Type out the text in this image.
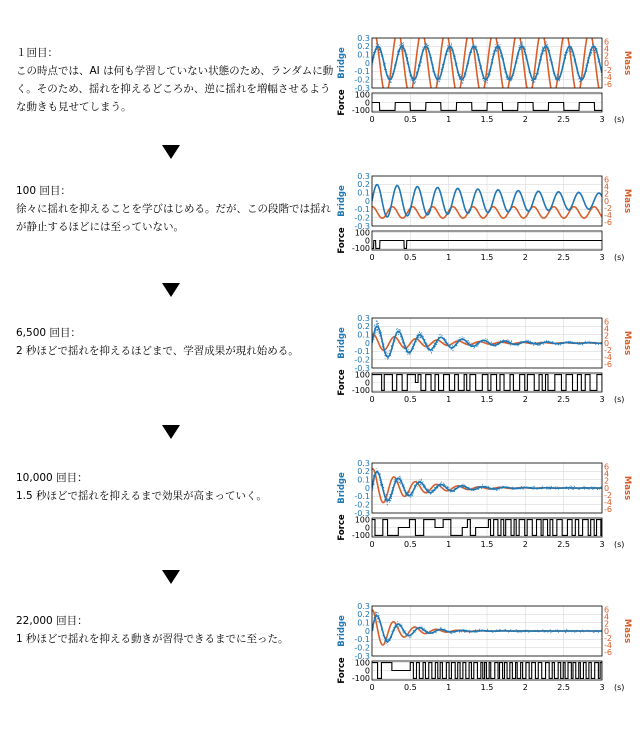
１回目：
この時点では、AI は何も学習していない状態のため、ランダムに動く。そのため、揺れを抑えるどころか、逆に揺れを増幅させるような動きも見せてしまう。
0.3
0.2
0.1
0
-0.1
-0.2
-0.3
6
4
2
0
-2
-4
-6
100
0
-100
0	0.5	1	1.5	2	2.5	3 (s)
Bridge	Mass
Force
100 回目：
徐々に揺れを抑えることを学びはじめる。だが、この段階では揺れが静止するほどには至っていない。
0.3
0.2
0.1
0
-0.1
-0.2
-0.3
6
4
2
0
-2
-4
-6
100
0
-100
0	0.5	1	1.5	2	2.5	3 (s)
Bridge	Mass
Force
6,500 回目：
2 秒ほどで揺れを抑えるほどまで、学習成果が現れ始める。
0.3
0.2
0.1
0
-0.1
-0.2
-0.3
6
4
2
0
-2
-4
-6
100
0
-100
0	0.5	1	1.5	2	2.5	3 (s)
Bridge	Mass
Force
10,000 回目：
1.5 秒ほどで揺れを抑えるまで効果が高まっていく。
0.3
0.2
0.1
0
-0.1
-0.2
-0.3
6
4
2
0
-2
-4
-6
100
0
-100
0	0.5	1	1.5	2	2.5	3 (s)
Bridge	Mass
Force
22,000 回目：
1 秒ほどで揺れを抑える動きが習得できるまでに至った。
0.3
0.2
0.1
0
-0.1
-0.2
-0.3
6
4
2
0
-2
-4
-6
100
0
-100
0	0.5	1	1.5	2	2.5	3 (s)
Bridge	Mass
Force
